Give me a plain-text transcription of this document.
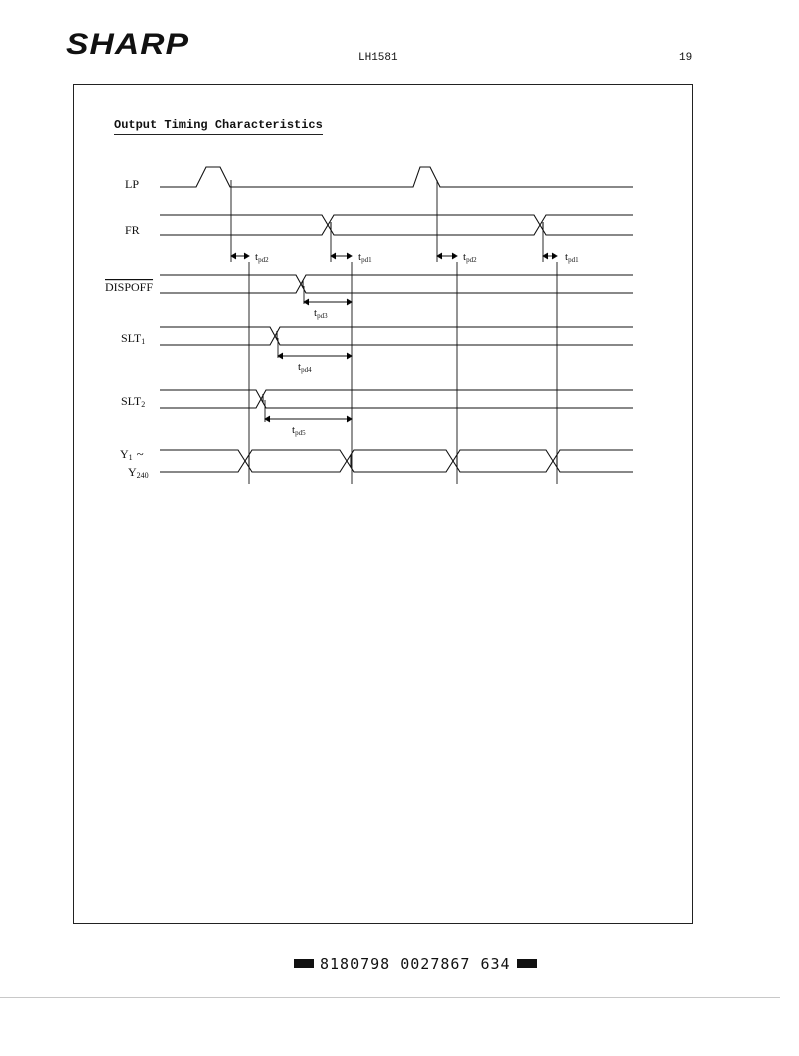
SHARP	LH1581	19
Output Timing Characteristics
LP
FR
DISPOFF
SLT1
SLT2
Y1 ~
Y240
tpd2	tpd1	tpd2	tpd1
tpd3
tpd4
tpd5
8180798 0027867 634
